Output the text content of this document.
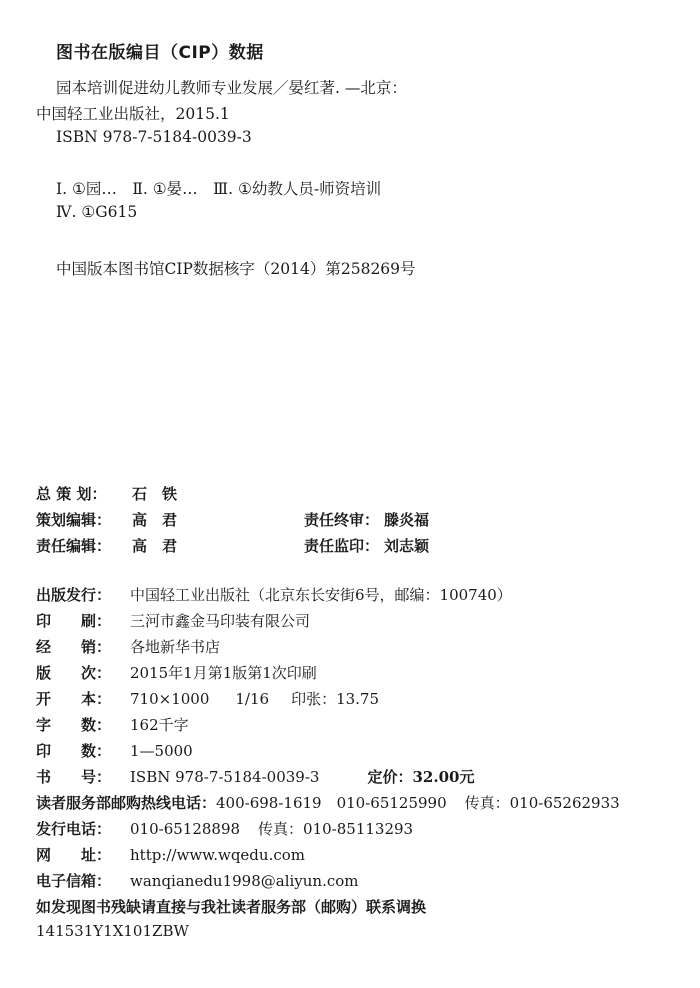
图书在版编目（CIP）数据
园本培训促进幼儿教师专业发展／晏红著. —北京：
中国轻工业出版社，2015.1
ISBN 978-7-5184-0039-3
Ⅰ. ①园…　Ⅱ. ①晏…　Ⅲ. ①幼教人员-师资培训
Ⅳ. ①G615
中国版本图书馆CIP数据核字（2014）第258269号
总 策 划：	石　铁
策划编辑：	高　君	责任终审： 滕炎福
责任编辑：	高　君	责任监印： 刘志颖
出版发行：	中国轻工业出版社（北京东长安街6号，邮编：100740）
印　　刷：	三河市鑫金马印装有限公司
经　　销：	各地新华书店
版　　次：	2015年1月第1版第1次印刷
开　　本：	710×1000 1/16 印张：13.75
字　　数：	162千字
印　　数：	1—5000
书　　号：	ISBN 978-7-5184-0039-3	定价：32.00元
读者服务部邮购热线电话： 400-698-1619　010-65125990 传真：010-65262933
发行电话：	010-65128898 传真：010-85113293
网　　址：	http://www.wqedu.com
电子信箱：	wanqianedu1998@aliyun.com
如发现图书残缺请直接与我社读者服务部（邮购）联系调换
141531Y1X101ZBW
